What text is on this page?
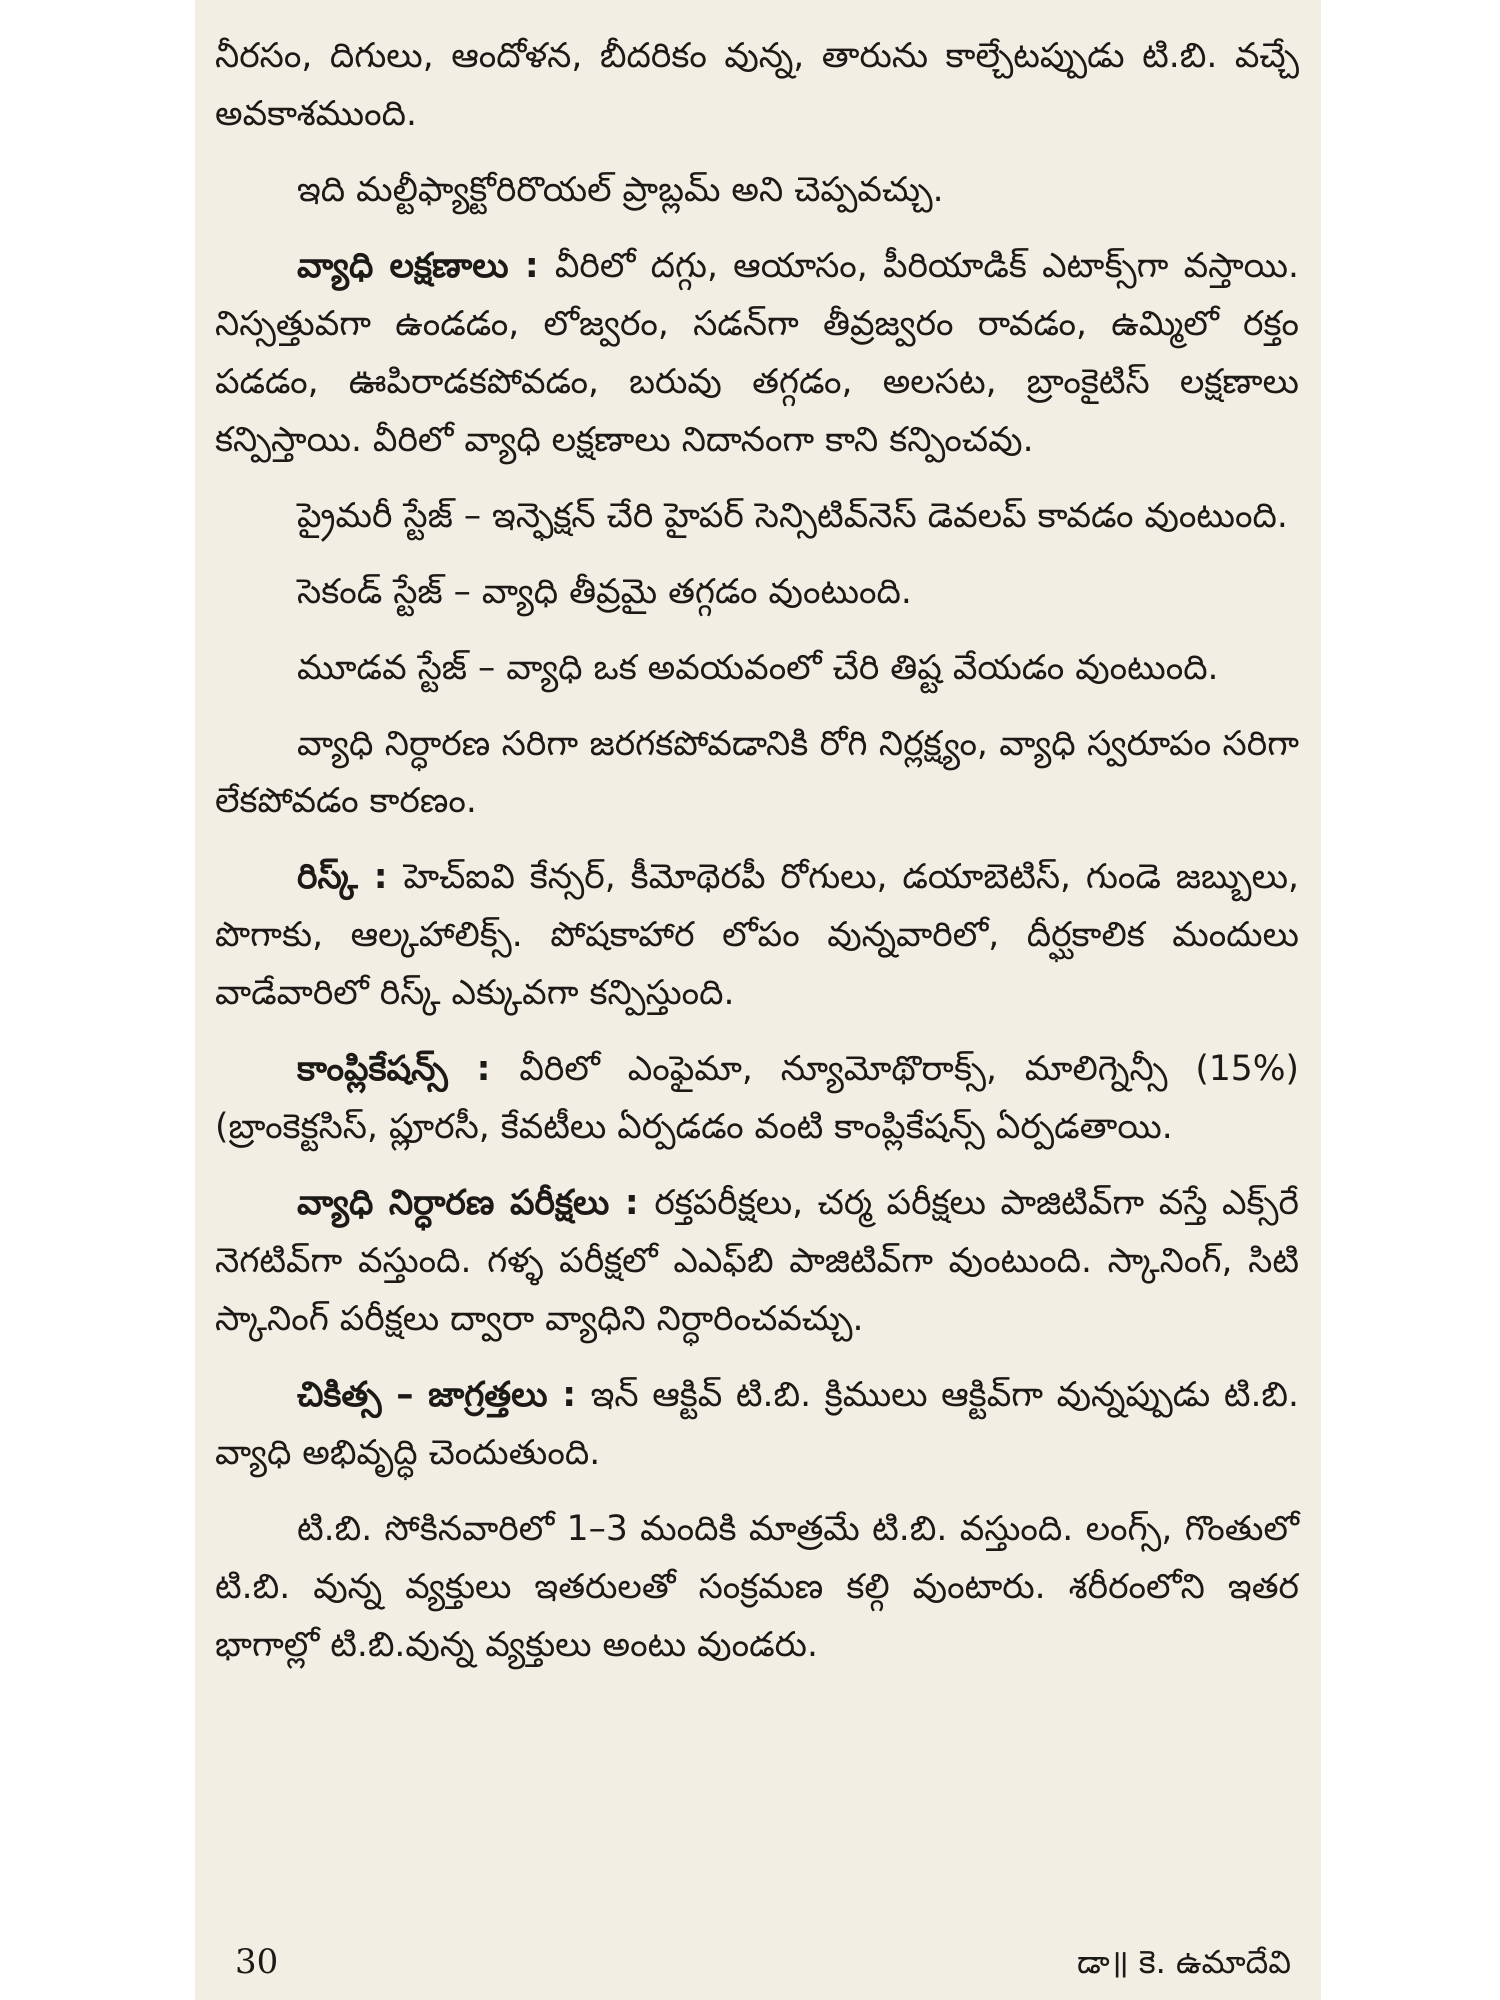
నీరసం, దిగులు, ఆందోళన, బీదరికం వున్న, తారును కాల్చేటప్పుడు టి.బి. వచ్చే అవకాశముంది.

ఇది మల్టీఫ్యాక్టోరిరొయల్ ప్రాబ్లమ్ అని చెప్పవచ్చు.

వ్యాధి లక్షణాలు : వీరిలో దగ్గు, ఆయాసం, పీరియాడిక్ ఎటాక్స్‌గా వస్తాయి. నిస్సత్తువగా ఉండడం, లోజ్వరం, సడన్‌గా తీవ్రజ్వరం రావడం, ఉమ్మిలో రక్తం పడడం, ఊపిరాడకపోవడం, బరువు తగ్గడం, అలసట, బ్రాంకైటిస్ లక్షణాలు కన్పిస్తాయి. వీరిలో వ్యాధి లక్షణాలు నిదానంగా కాని కన్పించవు.

ప్రైమరీ స్టేజ్ – ఇన్ఫెక్షన్ చేరి హైపర్ సెన్సిటివ్‌నెస్ డెవలప్ కావడం వుంటుంది.

సెకండ్ స్టేజ్ – వ్యాధి తీవ్రమై తగ్గడం వుంటుంది.

మూడవ స్టేజ్ – వ్యాధి ఒక అవయవంలో చేరి తిష్ట వేయడం వుంటుంది.

వ్యాధి నిర్ధారణ సరిగా జరగకపోవడానికి రోగి నిర్లక్ష్యం, వ్యాధి స్వరూపం సరిగా లేకపోవడం కారణం.

రిస్క్ : హెచ్ఐవి కేన్సర్, కీమోథెరపీ రోగులు, డయాబెటిస్, గుండె జబ్బులు, పొగాకు, ఆల్కహాలిక్స్. పోషకాహార లోపం వున్నవారిలో, దీర్ఘకాలిక మందులు వాడేవారిలో రిస్క్ ఎక్కువగా కన్పిస్తుంది.

కాంప్లికేషన్స్ : వీరిలో ఎంఫైమా, న్యూమోథొరాక్స్, మాలిగ్నెన్సీ (15%) (బ్రాంకెక్టసిస్, ప్లూరసీ, కేవటీలు ఏర్పడడం వంటి కాంప్లికేషన్స్ ఏర్పడతాయి.

వ్యాధి నిర్ధారణ పరీక్షలు : రక్తపరీక్షలు, చర్మ పరీక్షలు పాజిటివ్‌గా వస్తే ఎక్స్‌రే నెగటివ్‌గా వస్తుంది. గళ్ళ పరీక్షలో ఎఎఫ్‌బి పాజిటివ్‌గా వుంటుంది. స్కానింగ్, సిటి స్కానింగ్ పరీక్షలు ద్వారా వ్యాధిని నిర్ధారించవచ్చు.

చికిత్స – జాగ్రత్తలు : ఇన్ ఆక్టివ్ టి.బి. క్రిములు ఆక్టివ్‌గా వున్నప్పుడు టి.బి. వ్యాధి అభివృద్ధి చెందుతుంది.

టి.బి. సోకినవారిలో 1–3 మందికి మాత్రమే టి.బి. వస్తుంది. లంగ్స్, గొంతులో టి.బి. వున్న వ్యక్తులు ఇతరులతో సంక్రమణ కల్గి వుంటారు. శరీరంలోని ఇతర భాగాల్లో టి.బి.వున్న వ్యక్తులు అంటు వుండరు.

30	డా॥ కె. ఉమాదేవి
